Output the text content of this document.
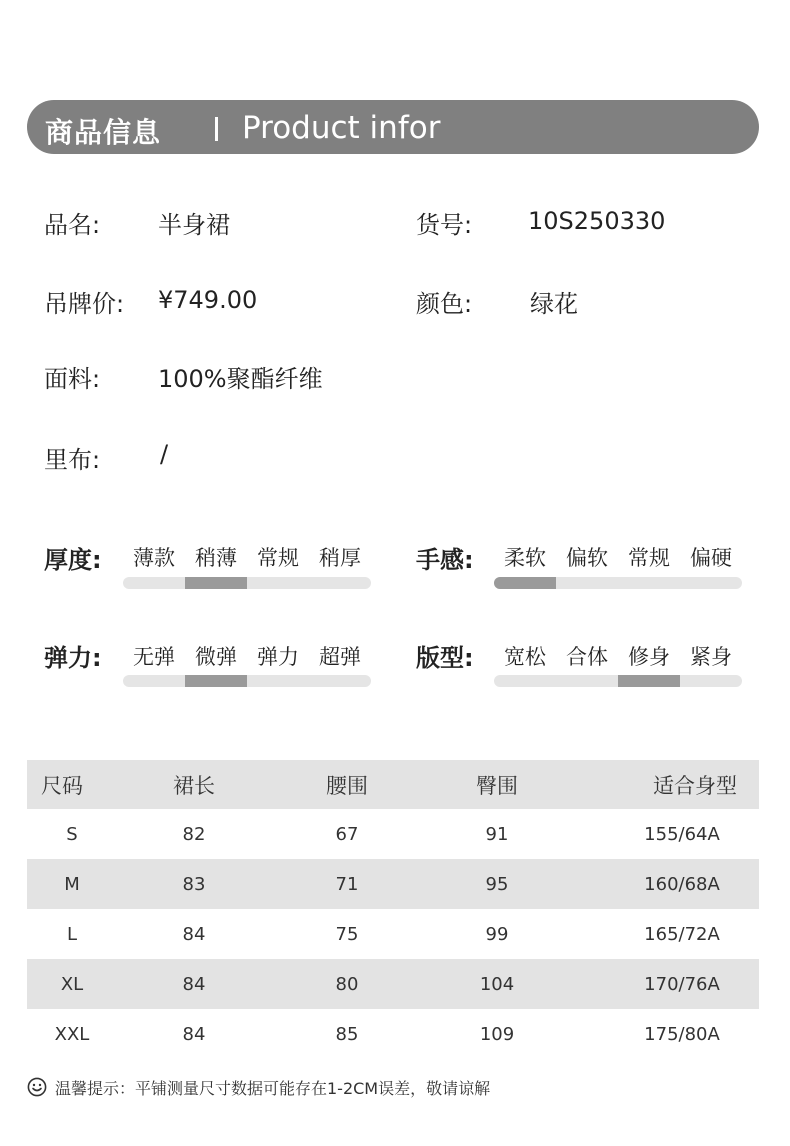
商品信息	Product infor
品名: 半身裙	货号: 10S250330
吊牌价: ¥749.00	颜色: 绿花
面料: 100%聚酯纤维
里布: /
厚度:	薄款 稍薄 常规 稍厚	手感:	柔软 偏软 常规 偏硬
弹力:	无弹 微弹 弹力 超弹	版型:	宽松 合体 修身 紧身
尺码	裙长	腰围	臀围	适合身型
S	82	67	91	155/64A
M	83	71	95	160/68A
L	84	75	99	165/72A
XL	84	80	104	170/76A
XXL	84	85	109	175/80A
温馨提示：平铺测量尺寸数据可能存在1-2CM误差，敬请谅解
